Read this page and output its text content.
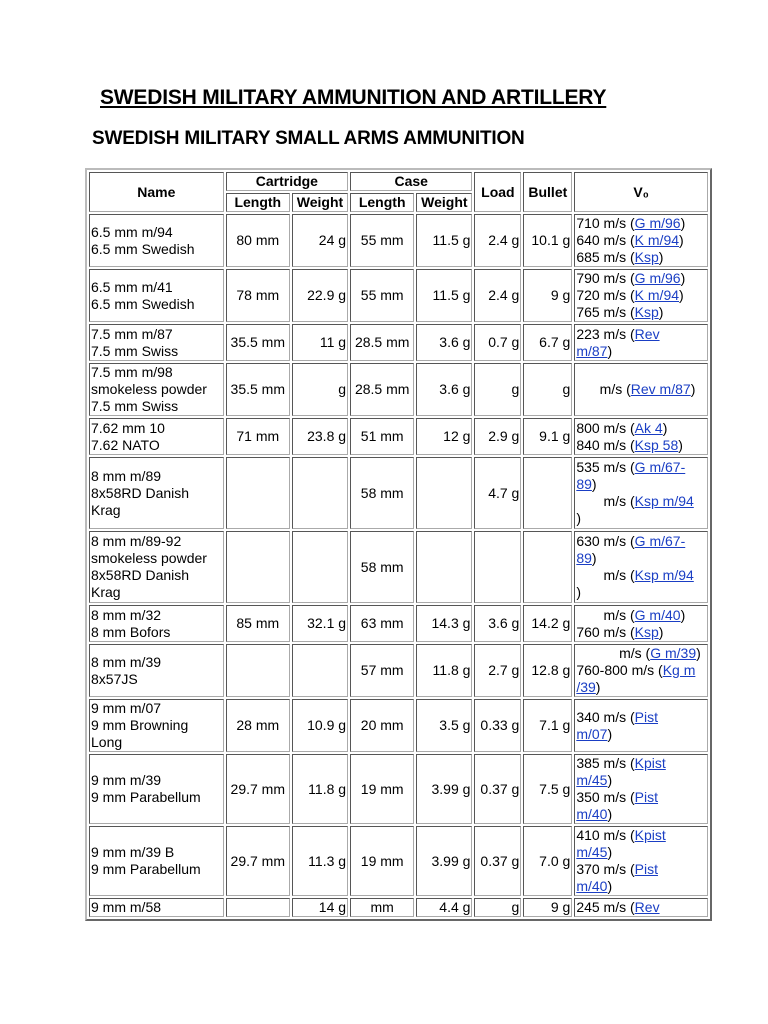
SWEDISH MILITARY AMMUNITION AND ARTILLERY
SWEDISH MILITARY SMALL ARMS AMMUNITION
Name	Cartridge		Case		Load	Bullet	V₀
	Length	Weight	Length	Weight			
6.5 mm m/94
6.5 mm Swedish	80 mm	24 g	55 mm	11.5 g	2.4 g	10.1 g	710 m/s (G m/96)
640 m/s (K m/94)
685 m/s (Ksp)
6.5 mm m/41
6.5 mm Swedish	78 mm	22.9 g	55 mm	11.5 g	2.4 g	9 g	790 m/s (G m/96)
720 m/s (K m/94)
765 m/s (Ksp)
7.5 mm m/87
7.5 mm Swiss	35.5 mm	11 g	28.5 mm	3.6 g	0.7 g	6.7 g	223 m/s (Rev
m/87)
7.5 mm m/98
smokeless powder
7.5 mm Swiss	35.5 mm	g	28.5 mm	3.6 g	g	g	m/s (Rev m/87)
7.62 mm 10
7.62 NATO	71 mm	23.8 g	51 mm	12 g	2.9 g	9.1 g	800 m/s (Ak 4)
840 m/s (Ksp 58)
8 mm m/89
8x58RD Danish
Krag			58 mm		4.7 g		535 m/s (G m/67-
89)
m/s (Ksp m/94
)
8 mm m/89-92
smokeless powder
8x58RD Danish
Krag			58 mm				630 m/s (G m/67-
89)
m/s (Ksp m/94
)
8 mm m/32
8 mm Bofors	85 mm	32.1 g	63 mm	14.3 g	3.6 g	14.2 g	m/s (G m/40)
760 m/s (Ksp)
8 mm m/39
8x57JS			57 mm	11.8 g	2.7 g	12.8 g	m/s (G m/39)
760-800 m/s (Kg m
/39)
9 mm m/07
9 mm Browning
Long	28 mm	10.9 g	20 mm	3.5 g	0.33 g	7.1 g	340 m/s (Pist
m/07)
9 mm m/39
9 mm Parabellum	29.7 mm	11.8 g	19 mm	3.99 g	0.37 g	7.5 g	385 m/s (Kpist
m/45)
350 m/s (Pist
m/40)
9 mm m/39 B
9 mm Parabellum	29.7 mm	11.3 g	19 mm	3.99 g	0.37 g	7.0 g	410 m/s (Kpist
m/45)
370 m/s (Pist
m/40)
9 mm m/58		14 g	mm	4.4 g	g	9 g	245 m/s (Rev
